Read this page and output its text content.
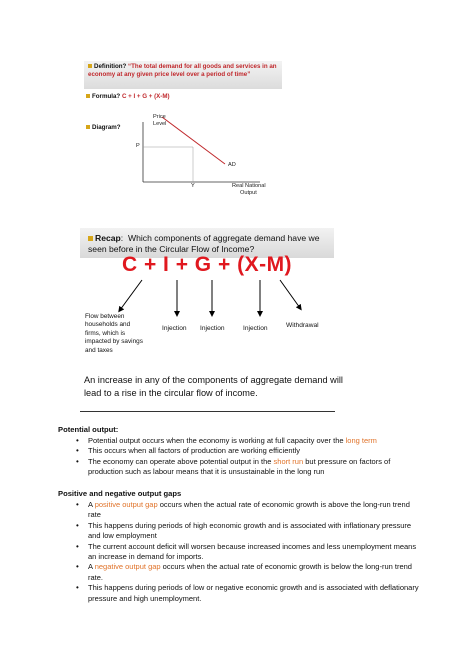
Definition? “The total demand for all goods and services in an economy at any given price level over a period of time”
Formula? C + I + G + (X-M)
Diagram?
Price
Level
P
AD
Y	Real National
Output
Recap:  Which components of aggregate demand have we seen before in the Circular Flow of Income?
C + I + G + (X-M)
Flow between
households and
firms, which is
impacted by savings
and taxes
Injection Injection	Injection	Withdrawal
An increase in any of the components of aggregate demand will lead to a rise in the circular flow of income.
Potential output:
• Potential output occurs when the economy is working at full capacity over the long term
• This occurs when all factors of production are working efficiently
• The economy can operate above potential output in the short run but pressure on factors of production such as labour means that it is unsustainable in the long run
Positive and negative output gaps
• A positive output gap occurs when the actual rate of economic growth is above the long-run trend rate
• This happens during periods of high economic growth and is associated with inflationary pressure and low employment
• The current account deficit will worsen because increased incomes and less unemployment means an increase in demand for imports.
• A negative output gap occurs when the actual rate of economic growth is below the long-run trend rate.
• This happens during periods of low or negative economic growth and is associated with deflationary pressure and high unemployment.
